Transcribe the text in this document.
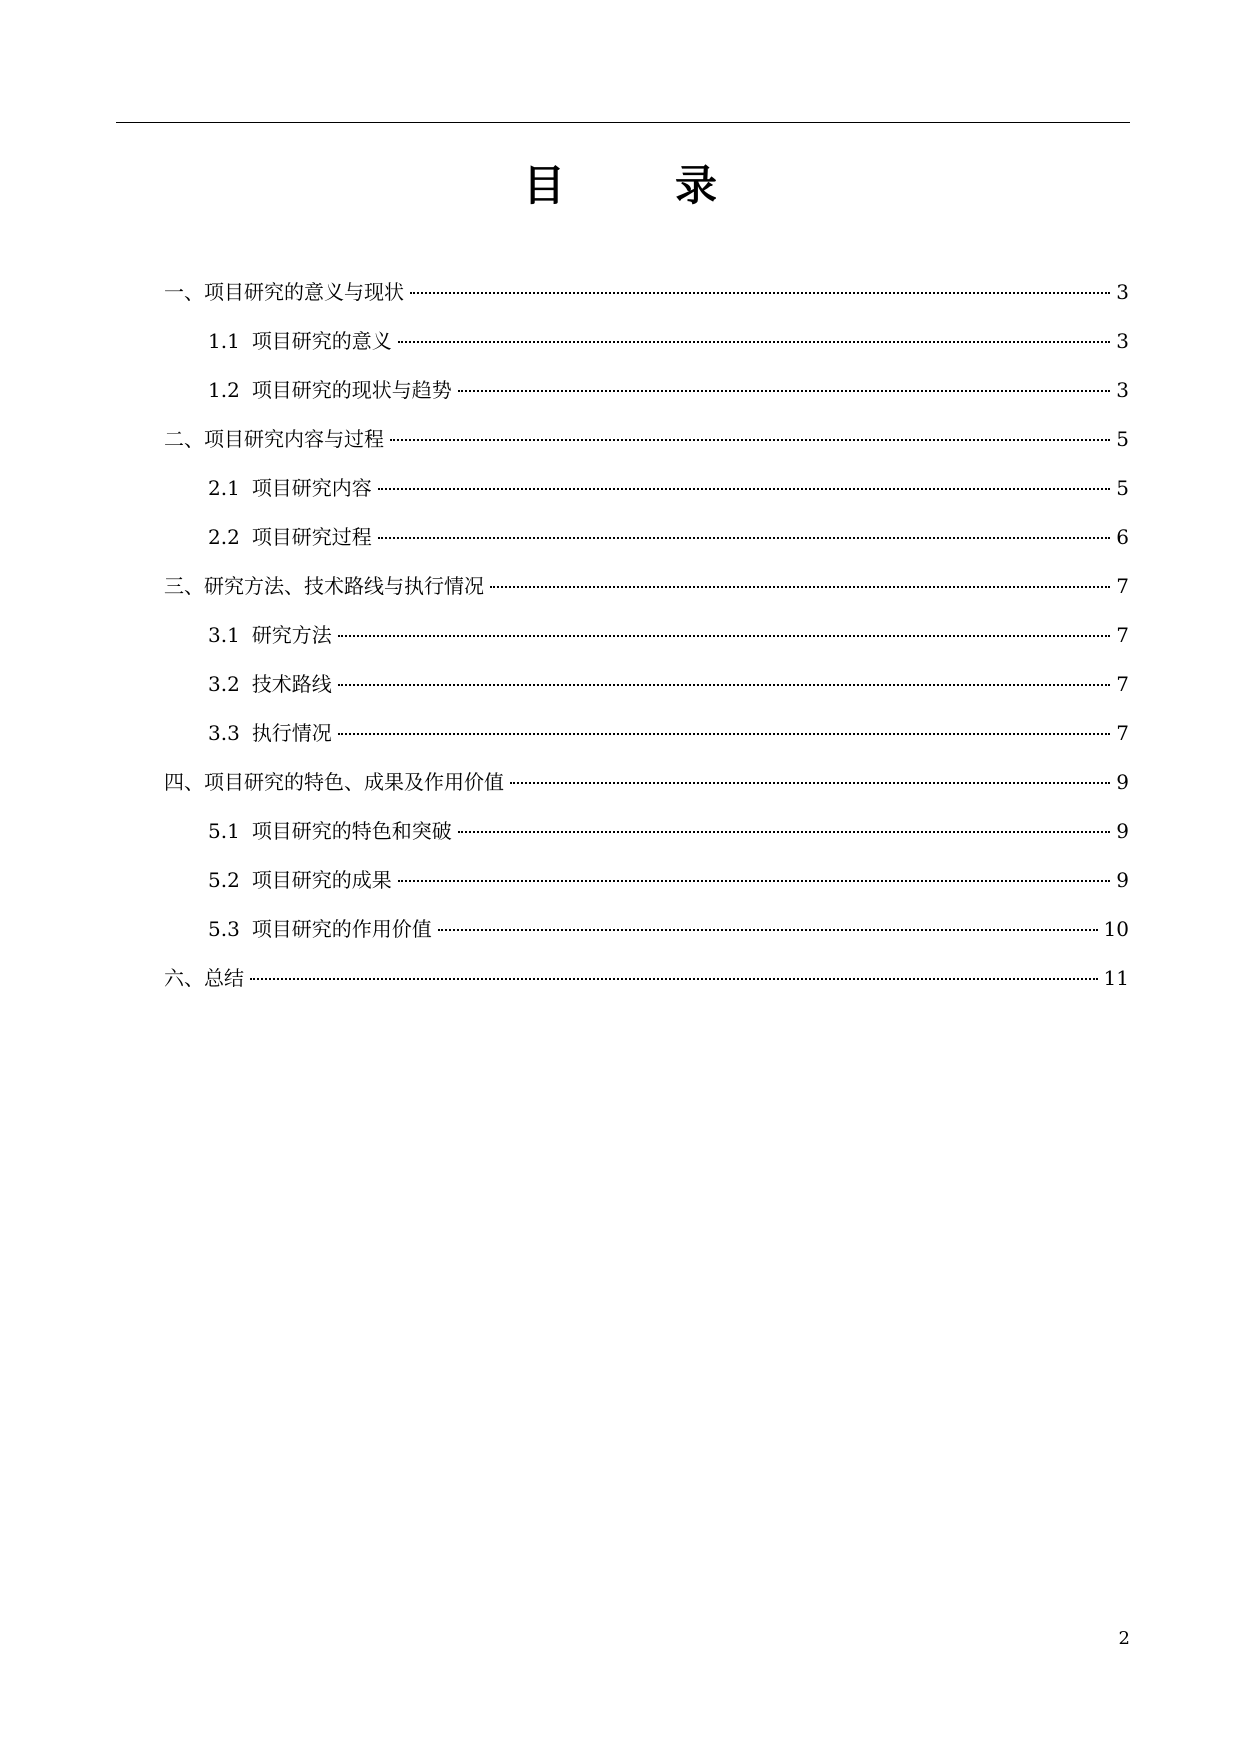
目　录
一、项目研究的意义与现状	3
1.1 项目研究的意义	3
1.2 项目研究的现状与趋势	3
二、项目研究内容与过程	5
2.1 项目研究内容	5
2.2 项目研究过程	6
三、研究方法、技术路线与执行情况	7
3.1 研究方法	7
3.2 技术路线	7
3.3 执行情况	7
四、项目研究的特色、成果及作用价值	9
5.1 项目研究的特色和突破	9
5.2 项目研究的成果	9
5.3 项目研究的作用价值	10
六、总结	11
2
